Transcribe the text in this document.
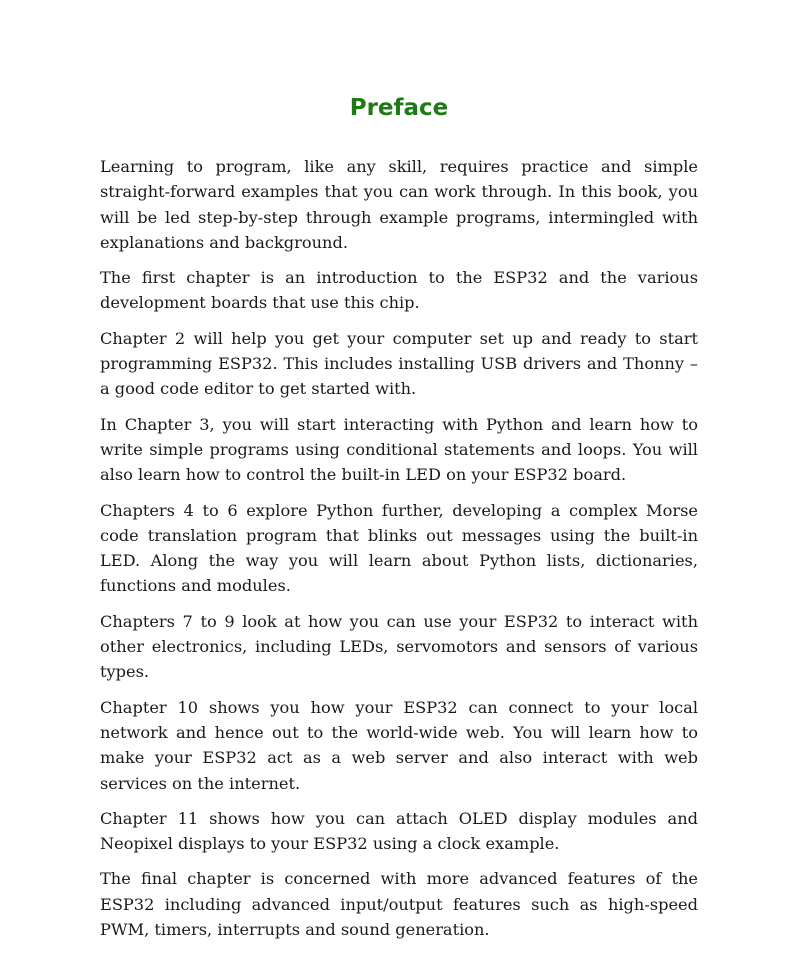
Preface

Learning to program, like any skill, requires practice and simple straight-forward examples that you can work through. In this book, you will be led step-by-step through example programs, intermingled with explanations and background.

The first chapter is an introduction to the ESP32 and the various development boards that use this chip.

Chapter 2 will help you get your computer set up and ready to start programming ESP32. This includes installing USB drivers and Thonny – a good code editor to get started with.

In Chapter 3, you will start interacting with Python and learn how to write simple programs using conditional statements and loops. You will also learn how to control the built-in LED on your ESP32 board.

Chapters 4 to 6 explore Python further, developing a complex Morse code translation program that blinks out messages using the built-in LED. Along the way you will learn about Python lists, dictionaries, functions and modules.

Chapters 7 to 9 look at how you can use your ESP32 to interact with other electronics, including LEDs, servomotors and sensors of various types.

Chapter 10 shows you how your ESP32 can connect to your local network and hence out to the world-wide web. You will learn how to make your ESP32 act as a web server and also interact with web services on the internet.

Chapter 11 shows how you can attach OLED display modules and Neopixel displays to your ESP32 using a clock example.

The final chapter is concerned with more advanced features of the ESP32 including advanced input/output features such as high-speed PWM, timers, interrupts and sound generation.
